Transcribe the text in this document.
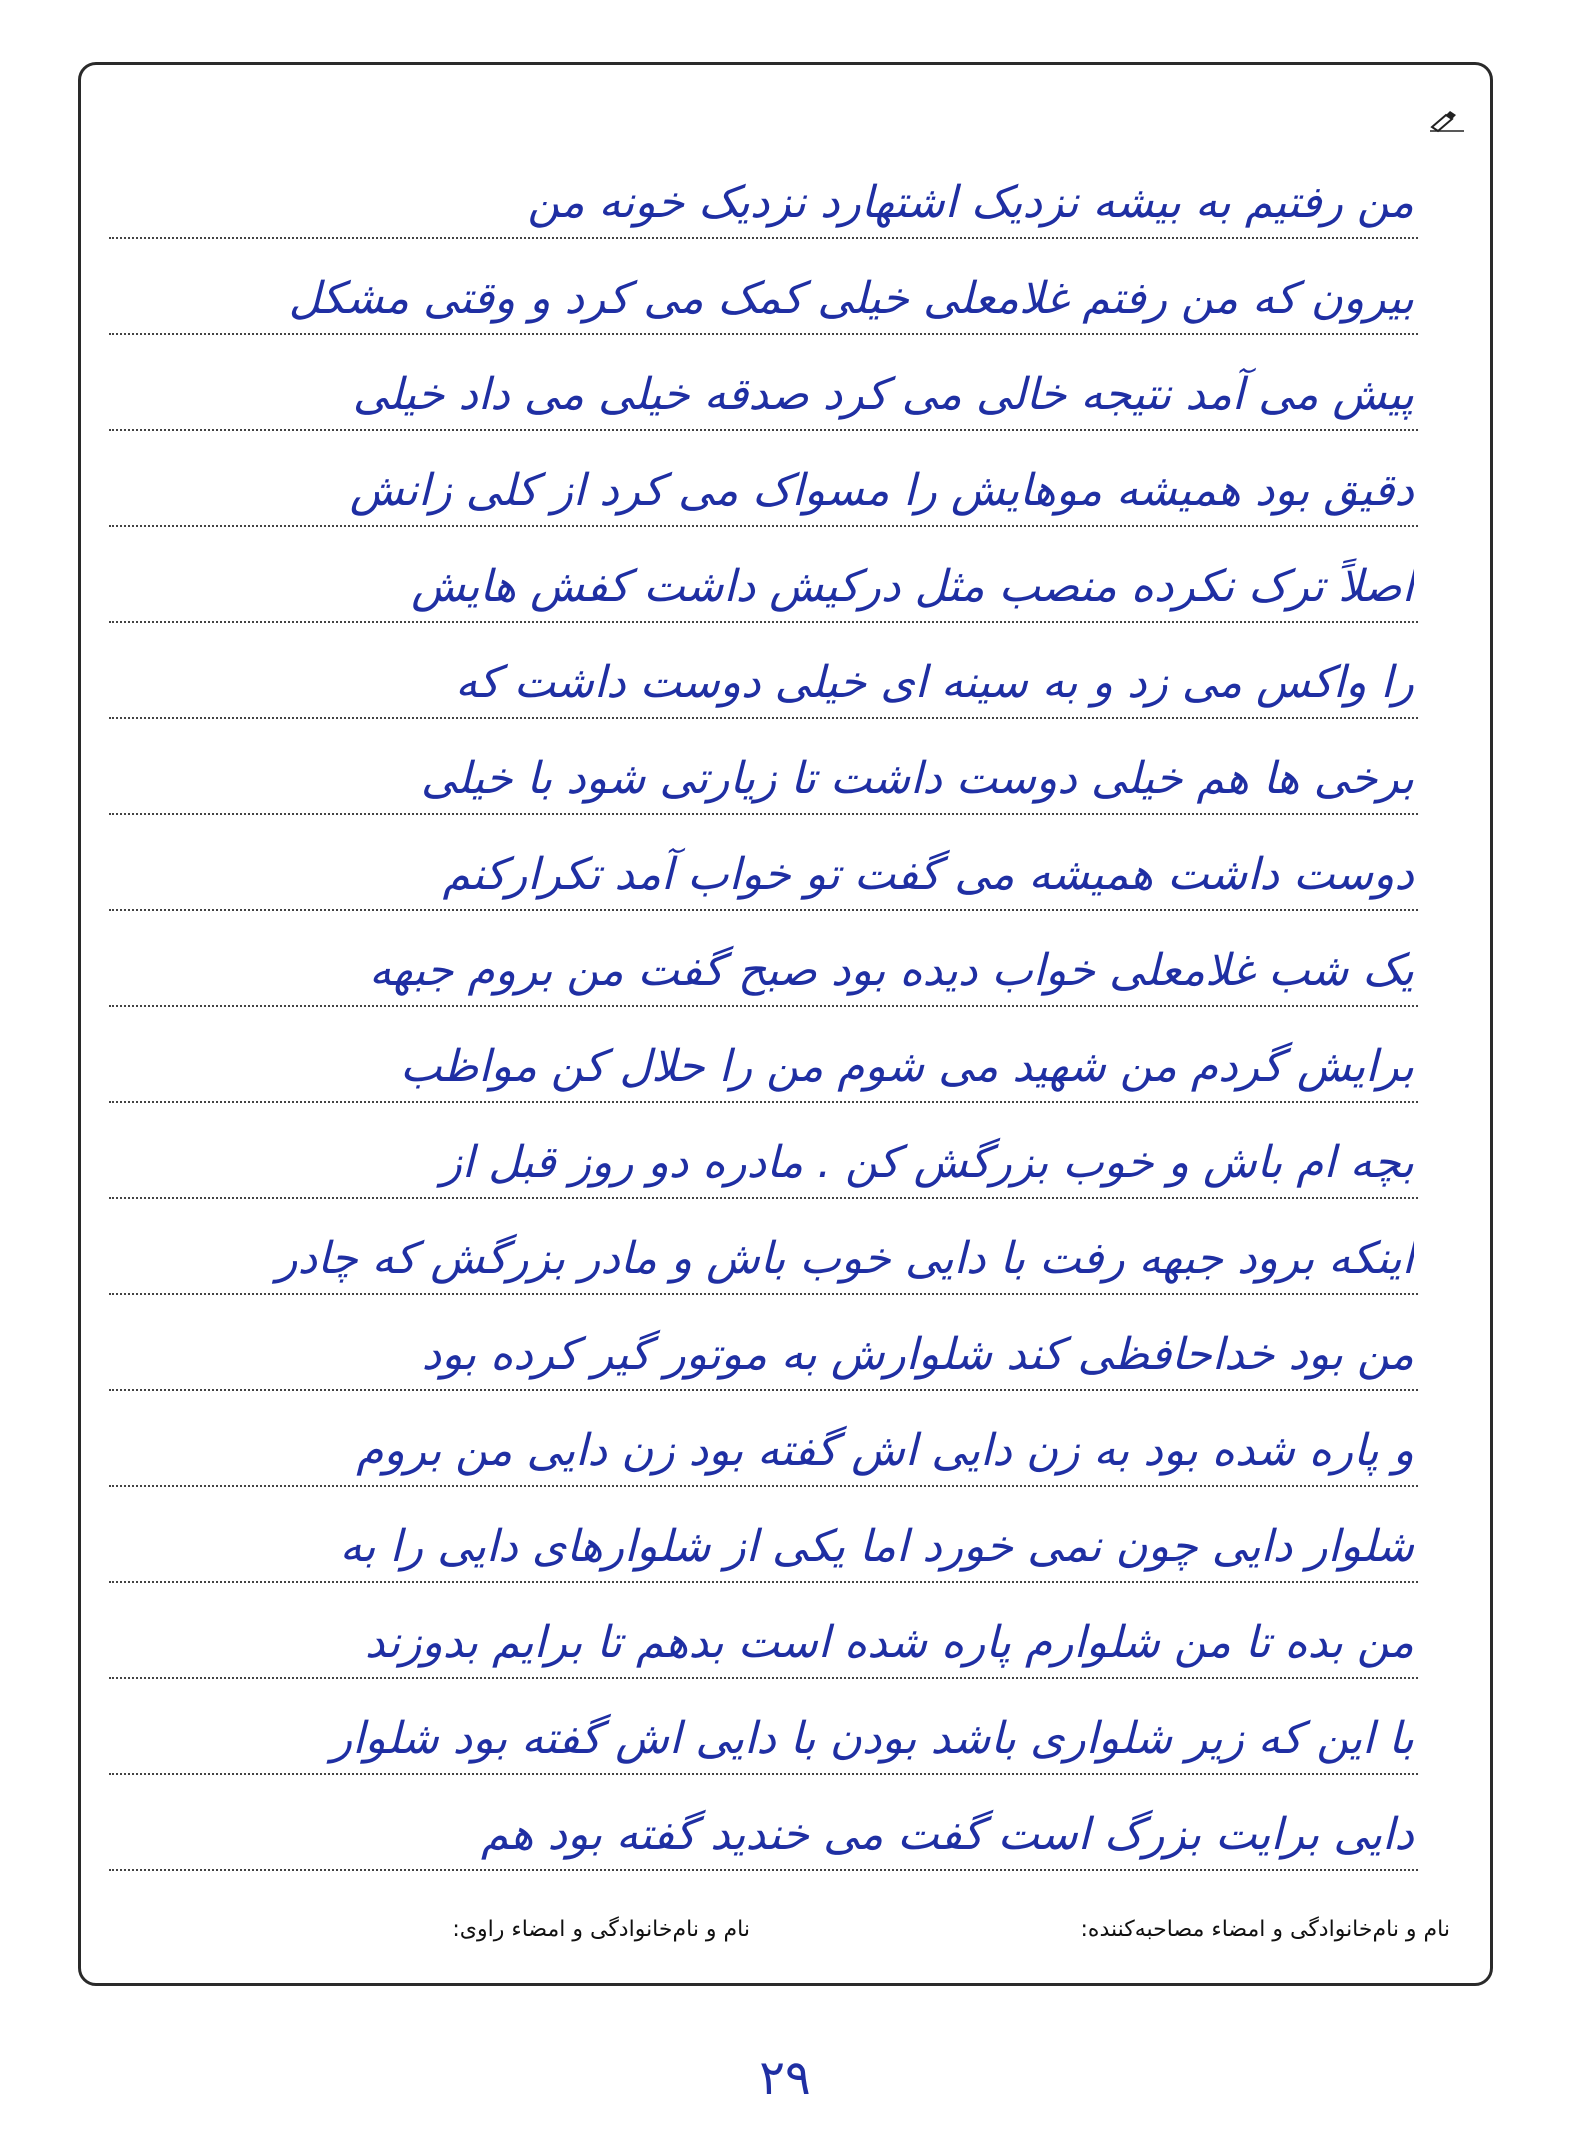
من رفتیم به بیشه نزدیک اشتهارد نزدیک خونه من
بیرون که من رفتم غلامعلی خیلی کمک می کرد و وقتی مشکل
پیش می آمد نتیجه خالی می کرد صدقه خیلی می داد خیلی
دقیق بود همیشه موهایش را مسواک می کرد از کلی زانش
اصلاً ترک نکرده منصب مثل درکیش داشت کفش هایش
را واکس می زد و به سینه ای خیلی دوست داشت که
برخی ها هم خیلی دوست داشت تا زیارتی شود با خیلی
دوست داشت همیشه می گفت تو خواب آمد تکرارکنم
یک شب غلامعلی خواب دیده بود صبح گفت من بروم جبهه
برایش گردم من شهید می شوم من را حلال کن مواظب
بچه ام باش و خوب بزرگش کن . مادره دو روز قبل از
اینکه برود جبهه رفت با دایی خوب باش و مادر بزرگش که چادر
من بود خداحافظی کند شلوارش به موتور گیر کرده بود
و پاره شده بود به زن دایی اش گفته بود زن دایی من بروم
شلوار دایی چون نمی خورد اما یکی از شلوارهای دایی را به
من بده تا من شلوارم پاره شده است بدهم تا برایم بدوزند
با این که زیر شلواری باشد بودن با دایی اش گفته بود شلوار
دایی برایت بزرگ است گفت می خندید گفته بود هم
نام و نام‌خانوادگی و امضاء مصاحبه‌کننده:
نام و نام‌خانوادگی و امضاء راوی:
۲۹
